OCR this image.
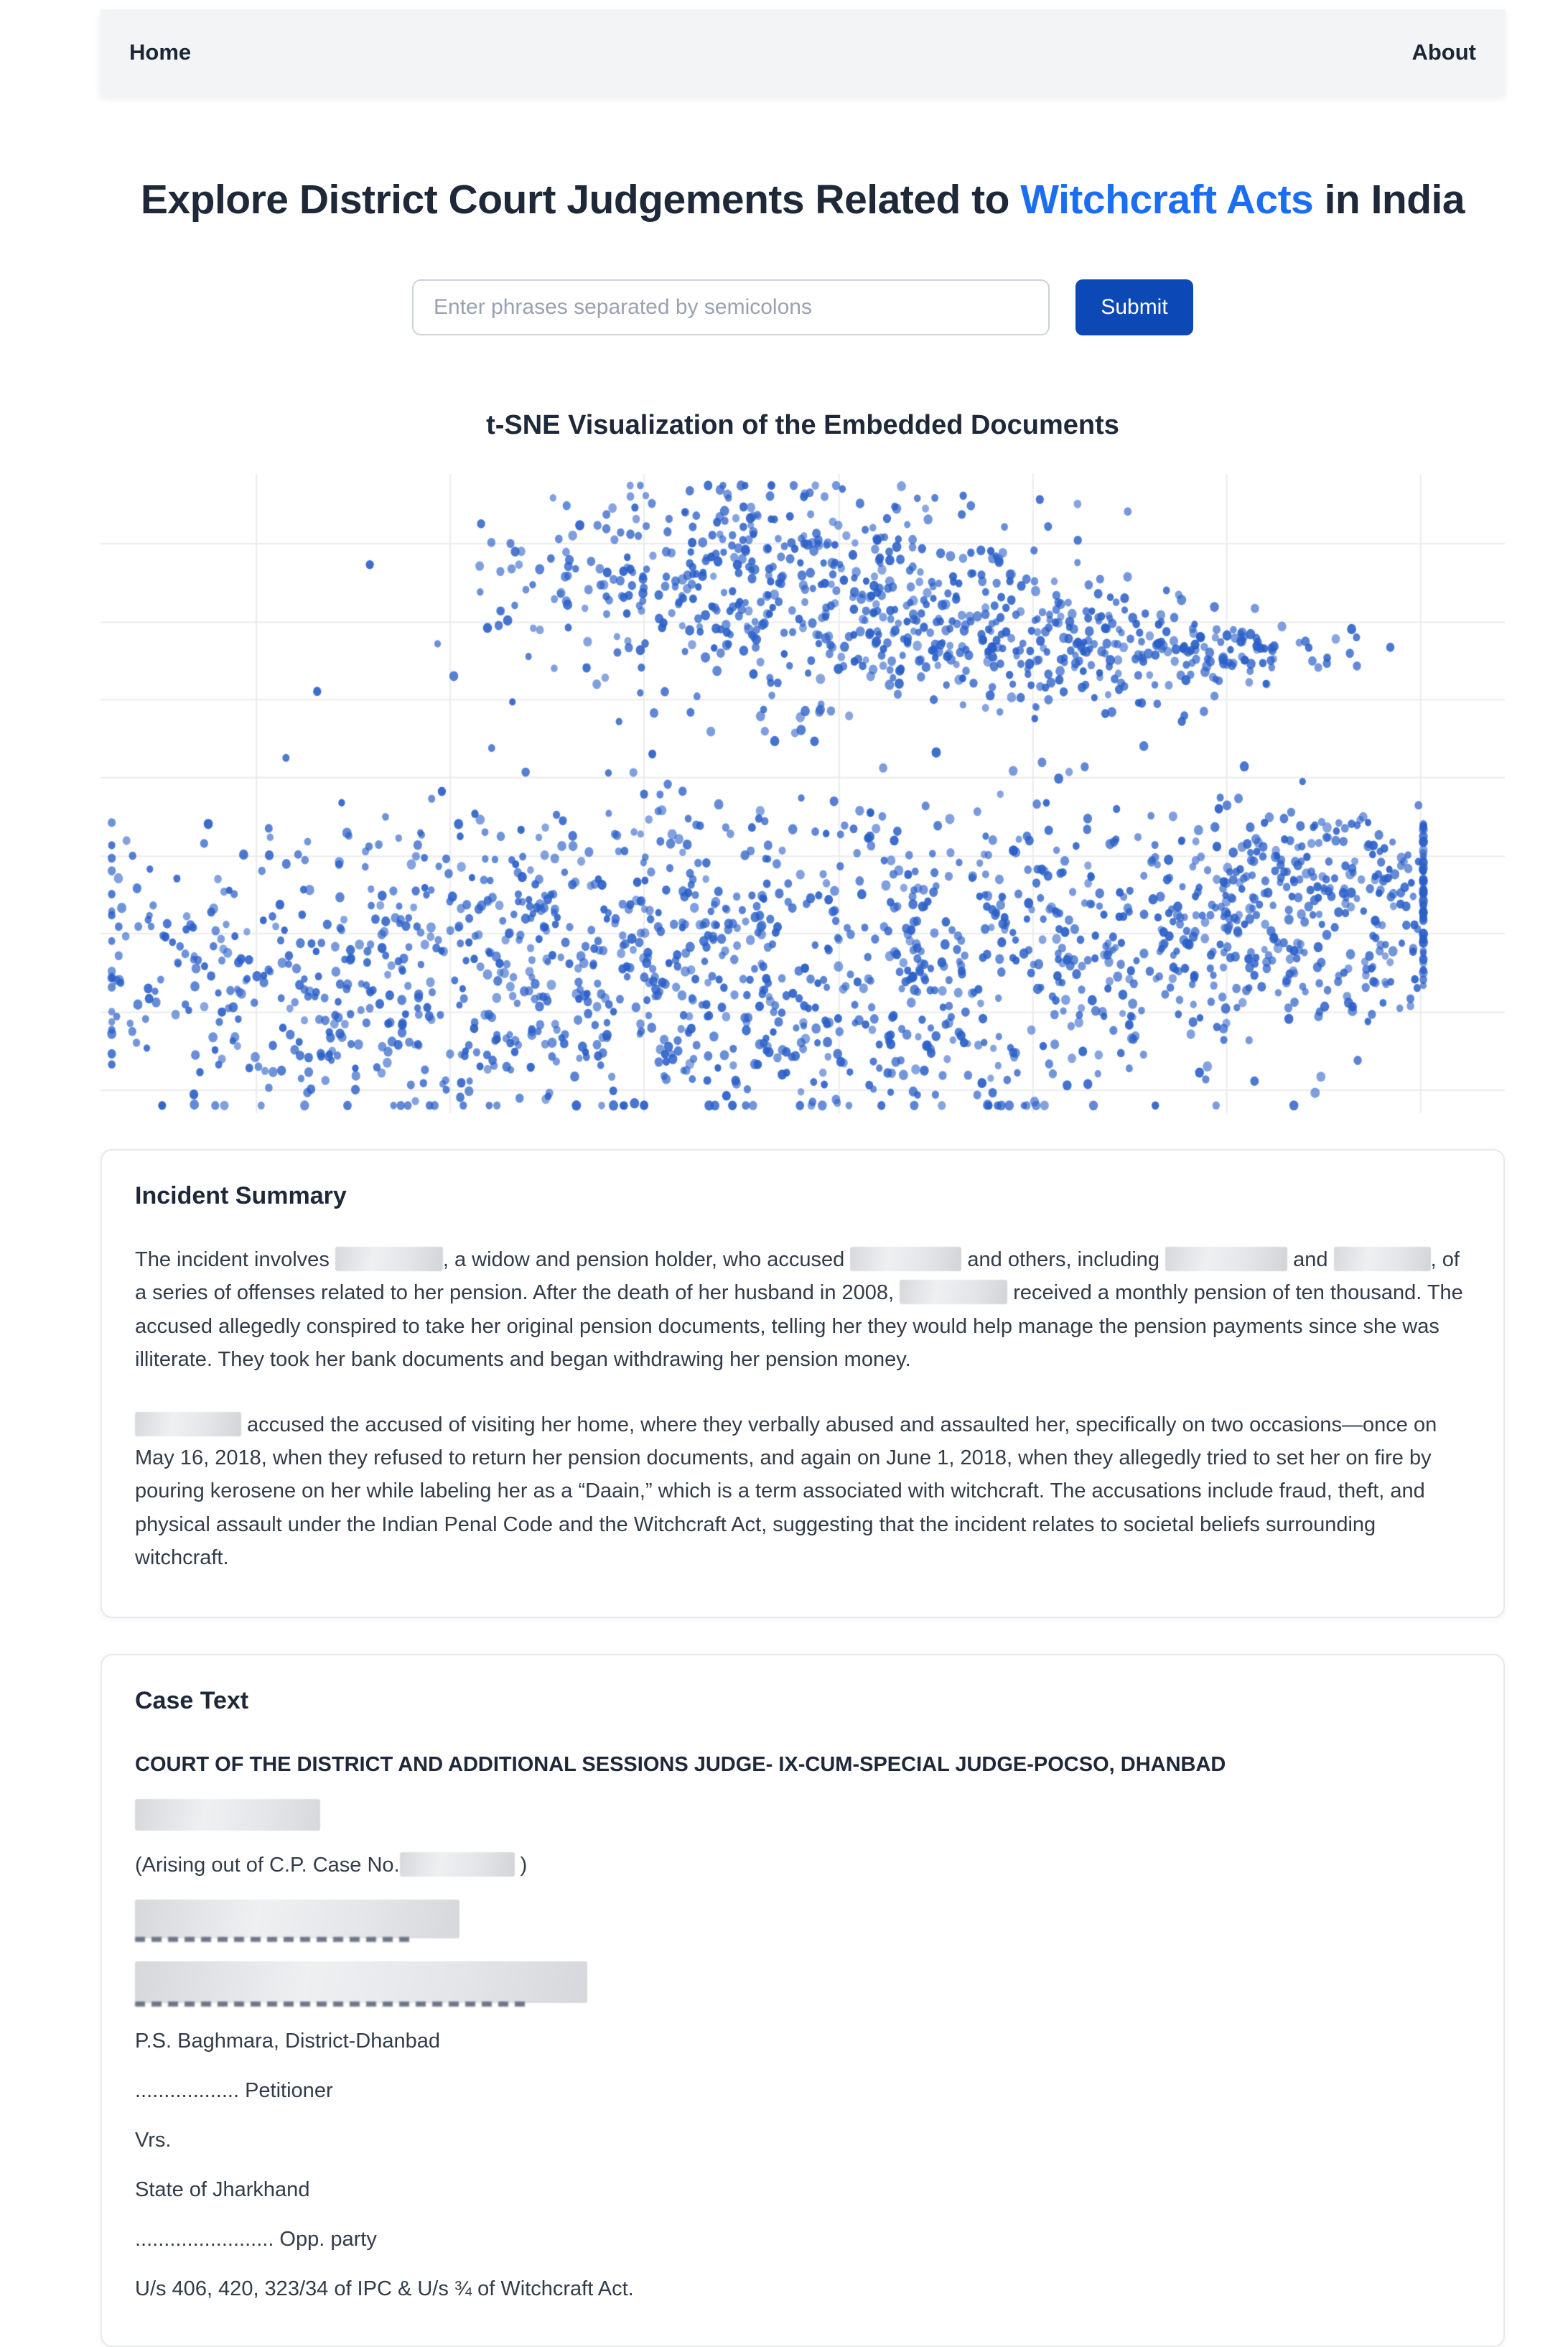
Home	About
Explore District Court Judgements Related to Witchcraft Acts in India
Enter phrases separated by semicolons
Submit
t-SNE Visualization of the Embedded Documents
Incident Summary

The incident involves	, a widow and pension holder, who accused	and others, including	and	, of a series of offenses related to her pension. After the death of her husband in 2008,	received a monthly pension of ten thousand. The accused allegedly conspired to take her original pension documents, telling her they would help manage the pension payments since she was illiterate. They took her bank documents and began withdrawing her pension money.

accused the accused of visiting her home, where they verbally abused and assaulted her, specifically on two occasions—once on May 16, 2018, when they refused to return her pension documents, and again on June 1, 2018, when they allegedly tried to set her on fire by pouring kerosene on her while labeling her as a “Daain,” which is a term associated with witchcraft. The accusations include fraud, theft, and physical assault under the Indian Penal Code and the Witchcraft Act, suggesting that the incident relates to societal beliefs surrounding witchcraft.

Case Text
COURT OF THE DISTRICT AND ADDITIONAL SESSIONS JUDGE- IX-CUM-SPECIAL JUDGE-POCSO, DHANBAD
(Arising out of C.P. Case No.	)
P.S. Baghmara, District-Dhanbad
.................. Petitioner
Vrs.
State of Jharkhand
........................ Opp. party
U/s 406, 420, 323/34 of IPC & U/s ¾ of Witchcraft Act.
